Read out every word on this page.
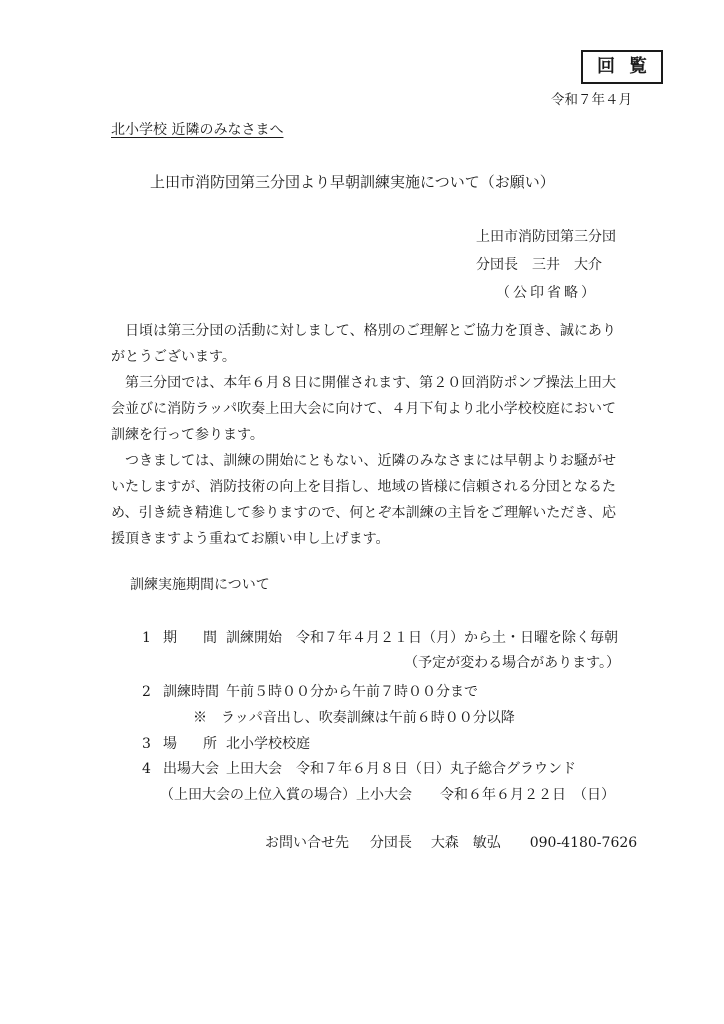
回覧
令和７年４月
北小学校 近隣のみなさまへ
上田市消防団第三分団より早朝訓練実施について（お願い）
上田市消防団第三分団
分団長　三井　大介
（公印省略）

日頃は第三分団の活動に対しまして、格別のご理解とご協力を頂き、誠にありがとうございます。

第三分団では、本年６月８日に開催されます、第２０回消防ポンプ操法上田大会並びに消防ラッパ吹奏上田大会に向けて、４月下旬より北小学校校庭において訓練を行って参ります。

つきましては、訓練の開始にともない、近隣のみなさまには早朝よりお騒がせいたしますが、消防技術の向上を目指し、地域の皆様に信頼される分団となるため、引き続き精進して参りますので、何とぞ本訓練の主旨をご理解いただき、応援頂きますよう重ねてお願い申し上げます。

訓練実施期間について
1 期　間 訓練開始　令和７年４月２１日（月）から土・日曜を除く毎朝
（予定が変わる場合があります。）
2 訓練時間 午前５時００分から午前７時００分まで
※　ラッパ音出し、吹奏訓練は午前６時００分以降
3 場　所 北小学校校庭
4 出場大会 上田大会　令和７年６月８日（日）丸子総合グラウンド
（上田大会の上位入賞の場合）上小大会　　令和６年６月２２日　（日）
お問い合せ先 分団長 大森　敏弘 090-4180-7626
